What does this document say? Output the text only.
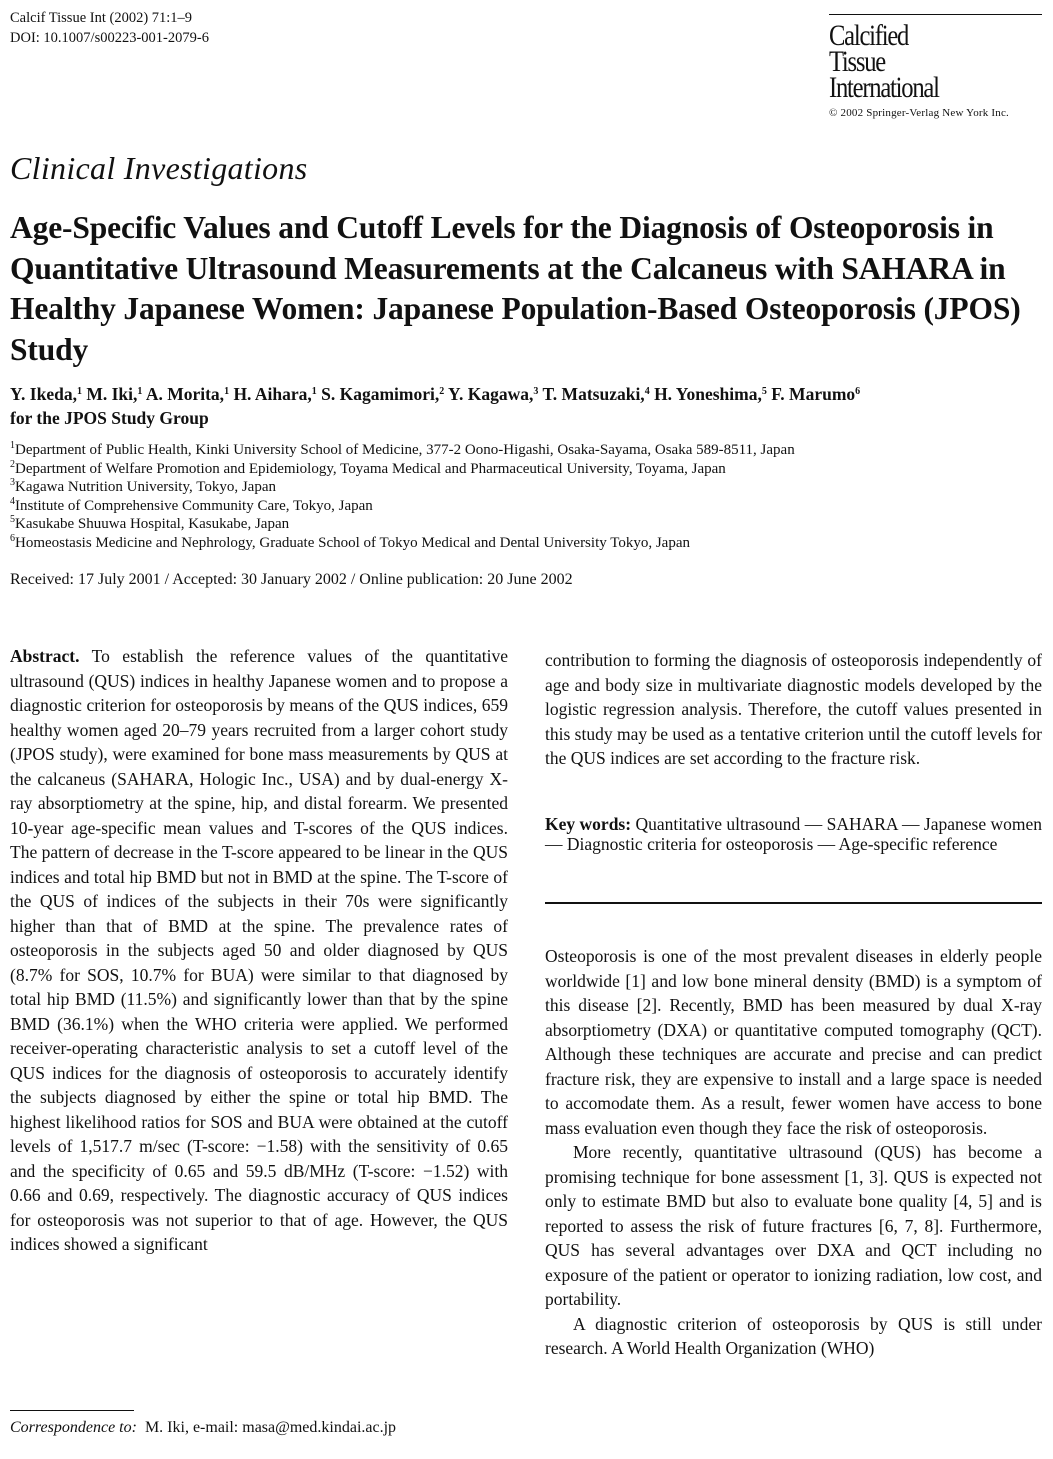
Calcif Tissue Int (2002) 71:1–9
DOI: 10.1007/s00223-001-2079-6	Calcified
Tissue
International
© 2002 Springer-Verlag New York Inc.
Clinical Investigations
Age-Specific Values and Cutoff Levels for the Diagnosis of Osteoporosis in Quantitative Ultrasound Measurements at the Calcaneus with SAHARA in Healthy Japanese Women: Japanese Population-Based Osteoporosis (JPOS) Study
Y. Ikeda,$^1$ M. Iki,$^1$ A. Morita,$^1$ H. Aihara,$^1$ S. Kagamimori,$^2$ Y. Kagawa,$^3$ T. Matsuzaki,$^4$ H. Yoneshima,$^5$ F. Marumo$^6$
for the JPOS Study Group
$^1$Department of Public Health, Kinki University School of Medicine, 377-2 Oono-Higashi, Osaka-Sayama, Osaka 589-8511, Japan
$^2$Department of Welfare Promotion and Epidemiology, Toyama Medical and Pharmaceutical University, Toyama, Japan
$^3$Kagawa Nutrition University, Tokyo, Japan
$^4$Institute of Comprehensive Community Care, Tokyo, Japan
$^5$Kasukabe Shuuwa Hospital, Kasukabe, Japan
$^6$Homeostasis Medicine and Nephrology, Graduate School of Tokyo Medical and Dental University Tokyo, Japan
Received: 17 July 2001 / Accepted: 30 January 2002 / Online publication: 20 June 2002

Abstract. To establish the reference values of the quantitative ultrasound (QUS) indices in healthy Japanese women and to propose a diagnostic criterion for osteoporosis by means of the QUS indices, 659 healthy women aged 20–79 years recruited from a larger cohort study (JPOS study), were examined for bone mass measurements by QUS at the calcaneus (SAHARA, Hologic Inc., USA) and by dual-energy X-ray absorptiometry at the spine, hip, and distal forearm. We presented 10-year age-specific mean values and T-scores of the QUS indices. The pattern of decrease in the T-score appeared to be linear in the QUS indices and total hip BMD but not in BMD at the spine. The T-score of the QUS of indices of the subjects in their 70s were significantly higher than that of BMD at the spine. The prevalence rates of osteoporosis in the subjects aged 50 and older diagnosed by QUS (8.7% for SOS, 10.7% for BUA) were similar to that diagnosed by total hip BMD (11.5%) and significantly lower than that by the spine BMD (36.1%) when the WHO criteria were applied. We performed receiver-operating characteristic analysis to set a cutoff level of the QUS indices for the diagnosis of osteoporosis to accurately identify the subjects diagnosed by either the spine or total hip BMD. The highest likelihood ratios for SOS and BUA were obtained at the cutoff levels of 1,517.7 m/sec (T-score: −1.58) with the sensitivity of 0.65 and the specificity of 0.65 and 59.5 dB/MHz (T-score: −1.52) with 0.66 and 0.69, respectively. The diagnostic accuracy of QUS indices for osteoporosis was not superior to that of age. However, the QUS indices showed a significant

contribution to forming the diagnosis of osteoporosis independently of age and body size in multivariate diagnostic models developed by the logistic regression analysis. Therefore, the cutoff values presented in this study may be used as a tentative criterion until the cutoff levels for the QUS indices are set according to the fracture risk.

Key words: Quantitative ultrasound — SAHARA — Japanese women — Diagnostic criteria for osteoporosis — Age-specific reference

Osteoporosis is one of the most prevalent diseases in elderly people worldwide [1] and low bone mineral density (BMD) is a symptom of this disease [2]. Recently, BMD has been measured by dual X-ray absorptiometry (DXA) or quantitative computed tomography (QCT). Although these techniques are accurate and precise and can predict fracture risk, they are expensive to install and a large space is needed to accomodate them. As a result, fewer women have access to bone mass evaluation even though they face the risk of osteoporosis.

More recently, quantitative ultrasound (QUS) has become a promising technique for bone assessment [1, 3]. QUS is expected not only to estimate BMD but also to evaluate bone quality [4, 5] and is reported to assess the risk of future fractures [6, 7, 8]. Furthermore, QUS has several advantages over DXA and QCT including no exposure of the patient or operator to ionizing radiation, low cost, and portability.

A diagnostic criterion of osteoporosis by QUS is still under research. A World Health Organization (WHO)

Correspondence to: M. Iki, e-mail: masa@med.kindai.ac.jp
